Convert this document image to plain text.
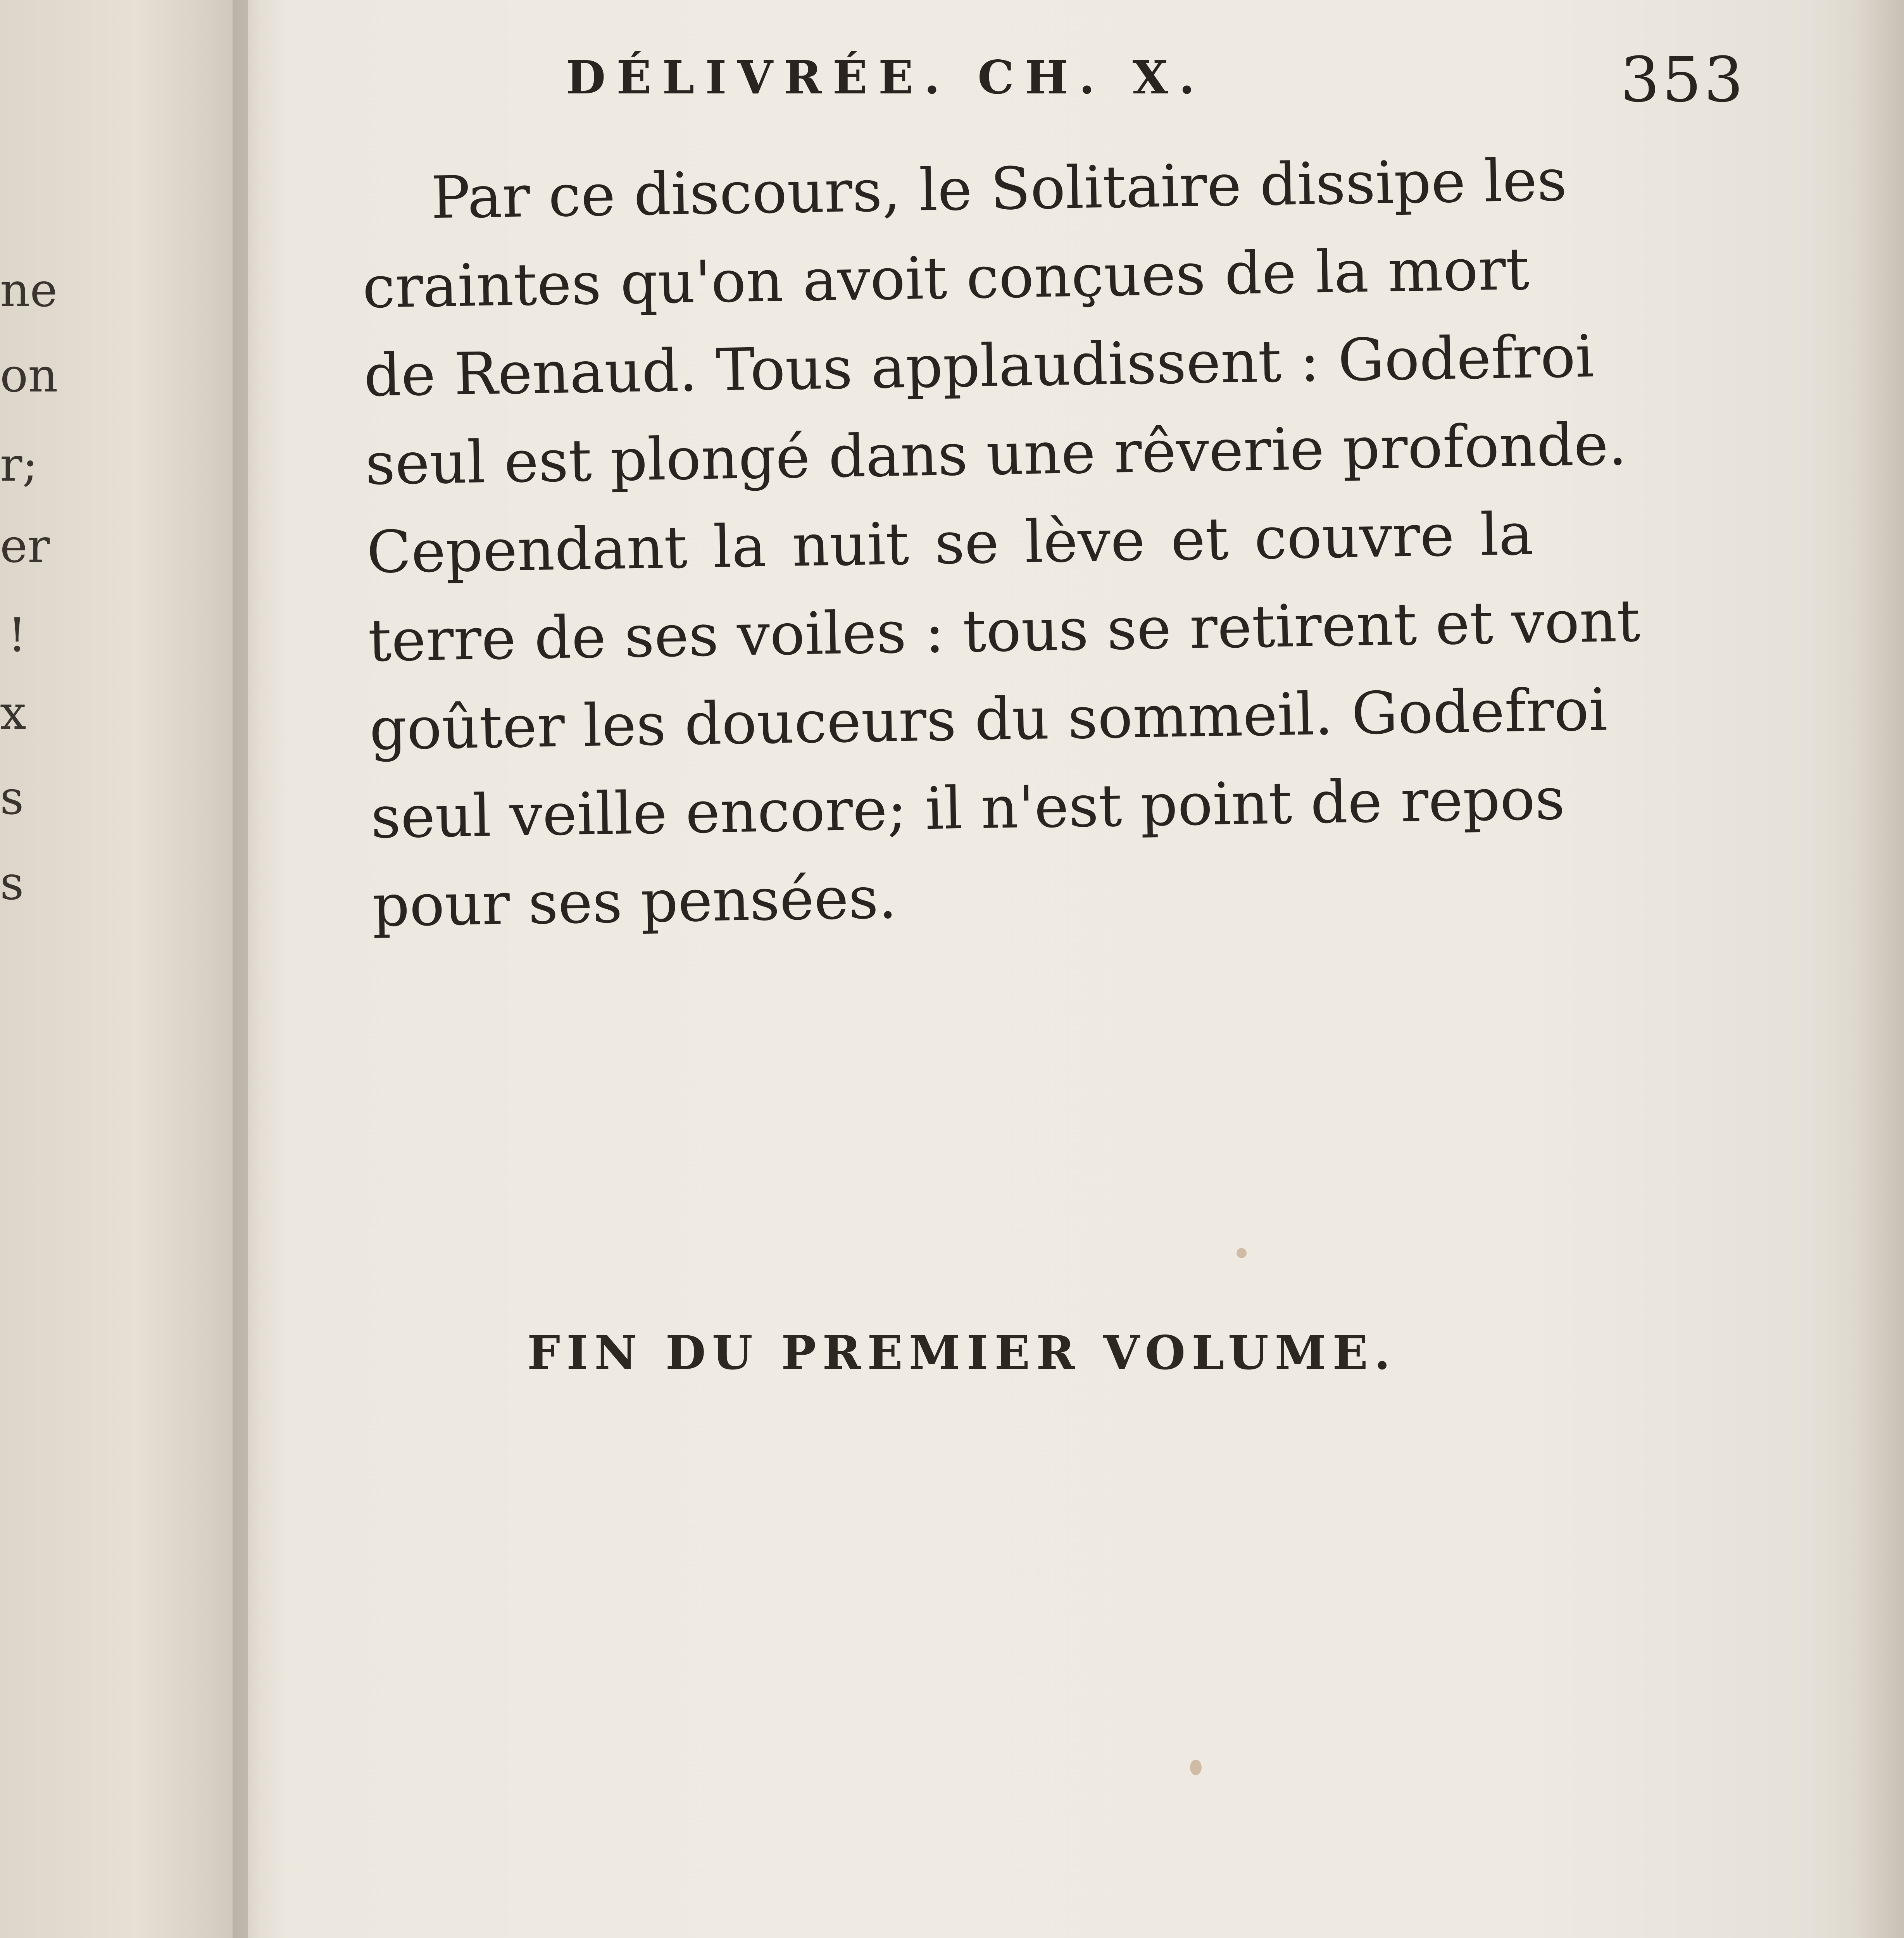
ne
on
r;
er
!
x
s
s
DÉLIVRÉE. CH. X.	353
Par ce discours, le Solitaire dissipe les
craintes qu'on avoit conçues de la mort
de Renaud. Tous applaudissent : Godefroi
seul est plongé dans une rêverie profonde.
Cependant la nuit se lève et couvre la
terre de ses voiles : tous se retirent et vont
goûter les douceurs du sommeil. Godefroi
seul veille encore; il n'est point de repos
pour ses pensées.
FIN DU PREMIER VOLUME.
